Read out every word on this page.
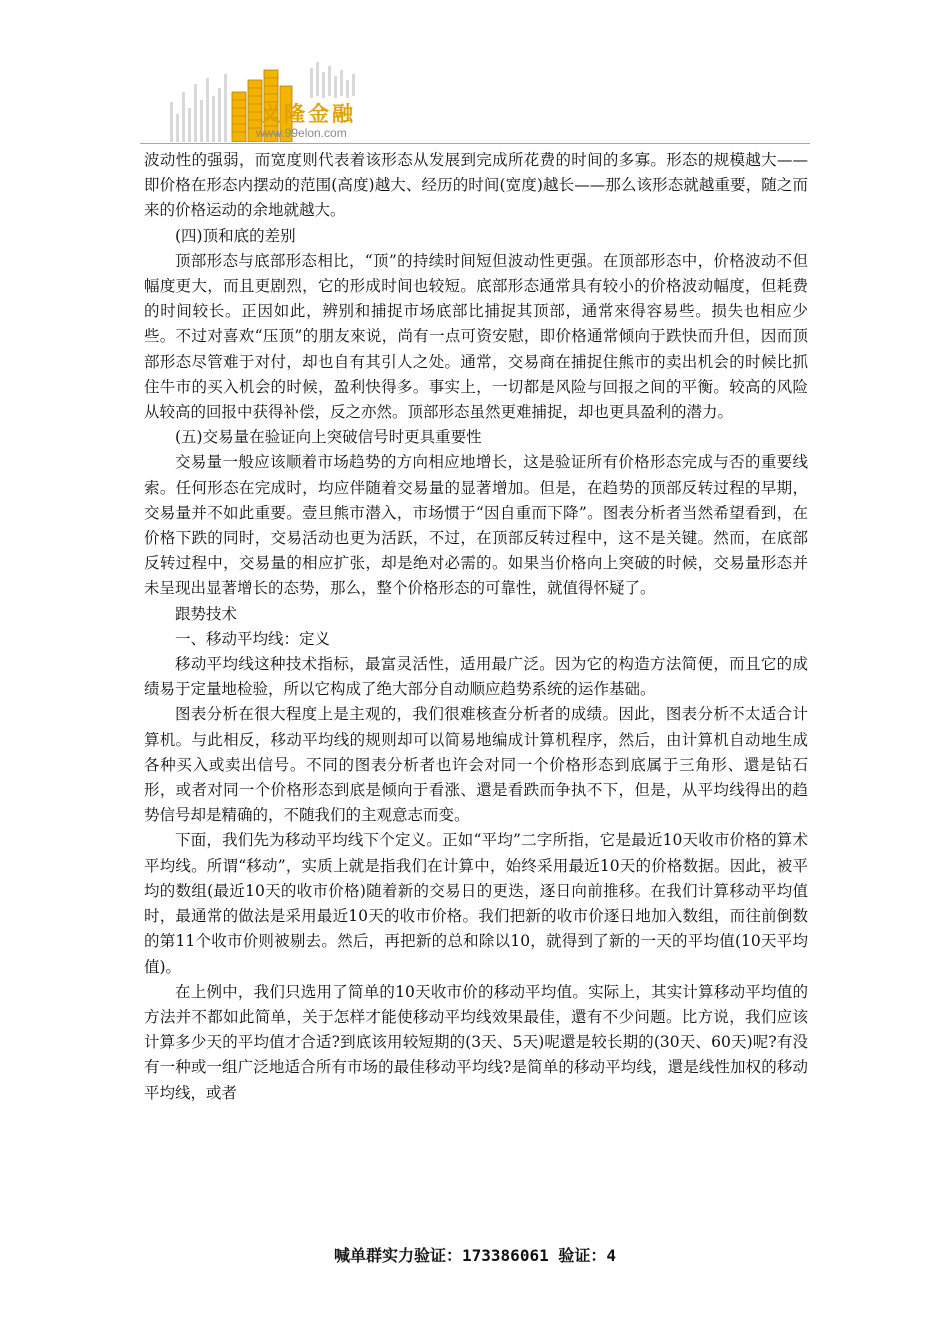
义隆金融
www.99elon.com

波动性的强弱，而宽度则代表着该形态从发展到完成所花费的时间的多寡。形态的规模越大——即价格在形态内摆动的范围(高度)越大、经历的时间(宽度)越长——那么该形态就越重要，随之而来的价格运动的余地就越大。

(四)顶和底的差别

顶部形态与底部形态相比，“顶”的持续时间短但波动性更强。在顶部形态中，价格波动不但幅度更大，而且更剧烈，它的形成时间也较短。底部形态通常具有较小的价格波动幅度，但耗费的时间较长。正因如此，辨别和捕捉市场底部比捕捉其顶部，通常來得容易些。损失也相应少些。不过对喜欢“压顶”的朋友來说，尚有一点可资安慰，即价格通常倾向于跌快而升但，因而顶部形态尽管难于对付，却也自有其引人之处。通常，交易商在捕捉住熊市的卖出机会的时候比抓住牛市的买入机会的时候，盈利快得多。事实上，一切都是风险与回报之间的平衡。较高的风险从较高的回报中获得补偿，反之亦然。顶部形态虽然更难捕捉，却也更具盈利的潜力。

(五)交易量在验证向上突破信号时更具重要性

交易量一般应该顺着市场趋势的方向相应地增长，这是验证所有价格形态完成与否的重要线索。任何形态在完成时，均应伴随着交易量的显著增加。但是，在趋势的顶部反转过程的早期，交易量并不如此重要。壹旦熊市潜入，市场惯于“因自重而下降”。图表分析者当然希望看到，在价格下跌的同时，交易活动也更为活跃，不过，在顶部反转过程中，这不是关键。然而，在底部反转过程中，交易量的相应扩张，却是绝对必需的。如果当价格向上突破的时候，交易量形态并未呈现出显著增长的态势，那么，整个价格形态的可靠性，就值得怀疑了。

跟势技术

一、移动平均线：定义

移动平均线这种技术指标，最富灵活性，适用最广泛。因为它的构造方法简便，而且它的成绩易于定量地检验，所以它构成了绝大部分自动顺应趋势系统的运作基础。

图表分析在很大程度上是主观的，我们很难核查分析者的成绩。因此，图表分析不太适合计算机。与此相反，移动平均线的规则却可以简易地编成计算机程序，然后，由计算机自动地生成各种买入或卖出信号。不同的图表分析者也许会对同一个价格形态到底属于三角形、還是钻石形，或者对同一个价格形态到底是倾向于看涨、還是看跌而争执不下，但是，从平均线得出的趋势信号却是精确的，不随我们的主观意志而变。

下面，我们先为移动平均线下个定义。正如“平均”二字所指，它是最近10天收市价格的算术平均线。所谓“移动”，实质上就是指我们在计算中，始终采用最近10天的价格数据。因此，被平均的数组(最近10天的收市价格)随着新的交易日的更迭，逐日向前推移。在我们计算移动平均值时，最通常的做法是采用最近10天的收市价格。我们把新的收市价逐日地加入数组，而往前倒数的第11个收市价则被剔去。然后，再把新的总和除以10，就得到了新的一天的平均值(10天平均值)。

在上例中，我们只选用了简单的10天收市价的移动平均值。实际上，其实计算移动平均值的方法并不都如此简单，关于怎样才能使移动平均线效果最佳，還有不少问题。比方说，我们应该计算多少天的平均值才合适?到底该用较短期的(3天、5天)呢還是较长期的(30天、60天)呢?有没有一种或一组广泛地适合所有市场的最佳移动平均线?是简单的移动平均线，還是线性加权的移动平均线，或者

喊单群实力验证：173386061 验证：4
